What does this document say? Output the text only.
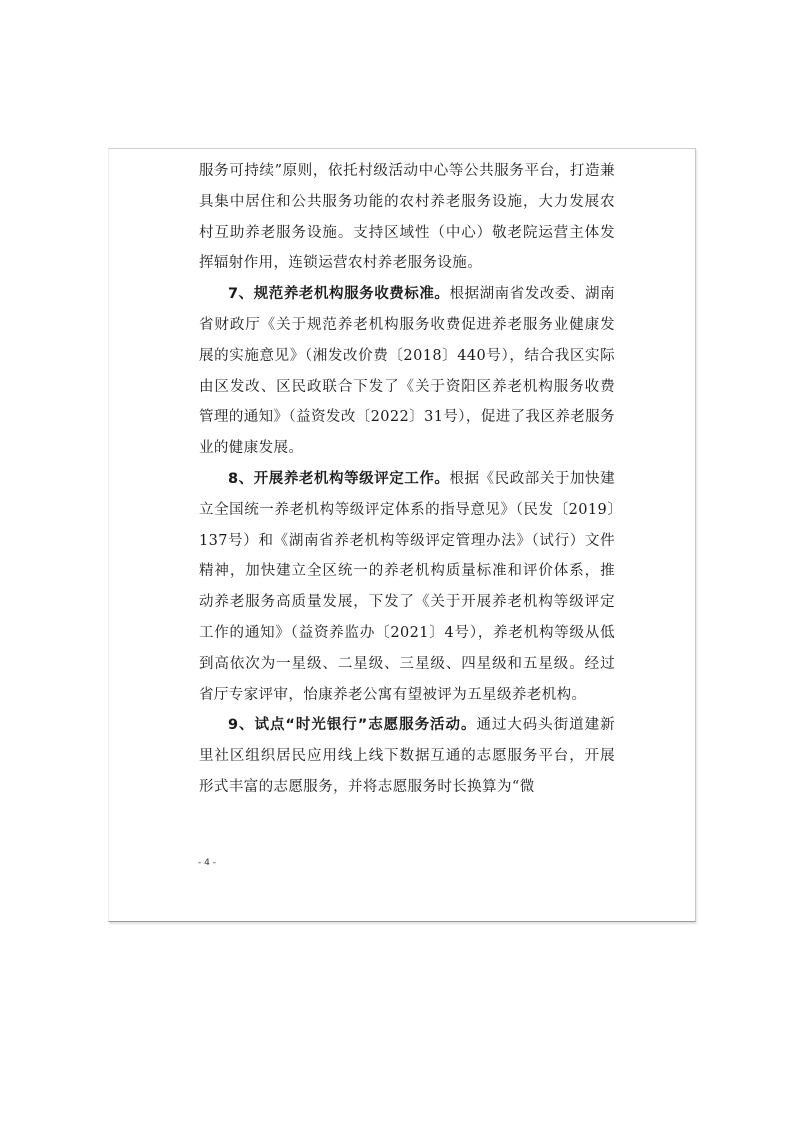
服务可持续”原则，依托村级活动中心等公共服务平台，打造兼具集中居住和公共服务功能的农村养老服务设施，大力发展农村互助养老服务设施。支持区域性（中心）敬老院运营主体发挥辐射作用，连锁运营农村养老服务设施。

7、规范养老机构服务收费标准。根据湖南省发改委、湖南省财政厅《关于规范养老机构服务收费促进养老服务业健康发展的实施意见》（湘发改价费〔2018〕440号），结合我区实际由区发改、区民政联合下发了《关于资阳区养老机构服务收费管理的通知》（益资发改〔2022〕31号），促进了我区养老服务业的健康发展。

8、开展养老机构等级评定工作。根据《民政部关于加快建立全国统一养老机构等级评定体系的指导意见》（民发〔2019〕137号）和《湖南省养老机构等级评定管理办法》（试行）文件精神，加快建立全区统一的养老机构质量标准和评价体系，推动养老服务高质量发展，下发了《关于开展养老机构等级评定工作的通知》（益资养监办〔2021〕4号），养老机构等级从低到高依次为一星级、二星级、三星级、四星级和五星级。经过省厅专家评审，怡康养老公寓有望被评为五星级养老机构。

9、试点“时光银行”志愿服务活动。通过大码头街道建新里社区组织居民应用线上线下数据互通的志愿服务平台，开展形式丰富的志愿服务，并将志愿服务时长换算为“微

- 4 -
